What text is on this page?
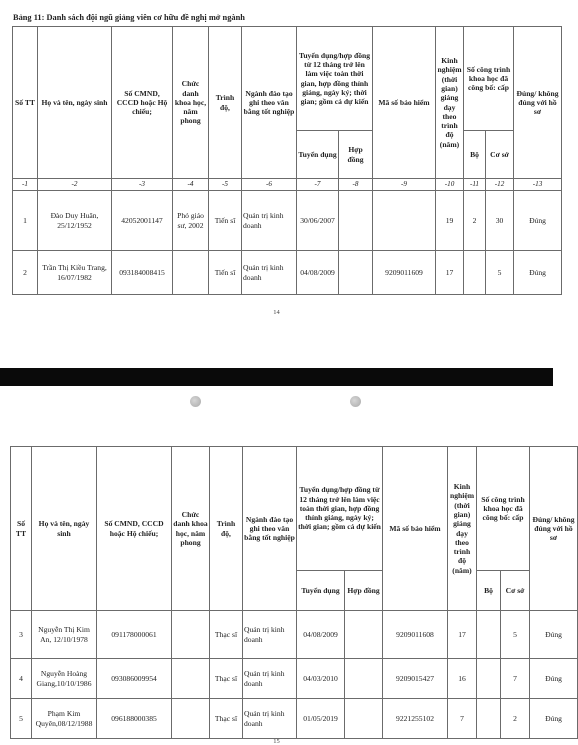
Bảng 11: Danh sách đội ngũ giảng viên cơ hữu đề nghị mở ngành
Số TT	Họ và tên, ngày sinh	Số CMND, CCCD hoặc Hộ chiếu;	Chức danh khoa học, năm phong	Trình độ,	Ngành đào tạo ghi theo văn bằng tốt nghiệp	Tuyển dụng/hợp đồng từ 12 tháng trở lên làm việc toàn thời gian, hợp đồng thỉnh giảng, ngày ký; thời gian; gồm cả dự kiến		Mã số bảo hiểm	Kinh nghiệm (thời gian) giảng dạy theo trình độ (năm)	Số công trình khoa học đã công bố: cấp		Đúng/ không đúng với hồ sơ
						Tuyển dụng	Hợp đồng			Bộ	Cơ sở	
-1	-2	-3	-4	-5	-6	-7	-8	-9	-10	-11	-12	-13
1	Đào Duy Huân, 25/12/1952	42052001147	Phó giáo sư, 2002	Tiến sĩ	Quản trị kinh doanh	30/06/2007			19	2	30	Đúng
2	Trần Thị Kiều Trang, 16/07/1982	093184008415		Tiến sĩ	Quản trị kinh doanh	04/08/2009		9209011609	17		5	Đúng
14
Số TT	Họ và tên, ngày sinh	Số CMND, CCCD hoặc Hộ chiếu;	Chức danh khoa học, năm phong	Trình độ,	Ngành đào tạo ghi theo văn bằng tốt nghiệp	Tuyển dụng/hợp đồng từ 12 tháng trở lên làm việc toàn thời gian, hợp đồng thỉnh giảng, ngày ký; thời gian; gồm cả dự kiến		Mã số bảo hiểm	Kinh nghiệm (thời gian) giảng dạy theo trình độ (năm)	Số công trình khoa học đã công bố: cấp		Đúng/ không đúng với hồ sơ
						Tuyển dụng	Hợp đồng			Bộ	Cơ sở	
3	Nguyễn Thị Kim An, 12/10/1978	091178000061		Thạc sĩ	Quản trị kinh doanh	04/08/2009		9209011608	17		5	Đúng
4	Nguyễn Hoàng Giang,10/10/1986	093086009954		Thạc sĩ	Quản trị kinh doanh	04/03/2010		9209015427	16		7	Đúng
5	Phạm Kim Quyên,08/12/1988	096188000385		Thạc sĩ	Quản trị kinh doanh	01/05/2019		9221255102	7		2	Đúng
15
